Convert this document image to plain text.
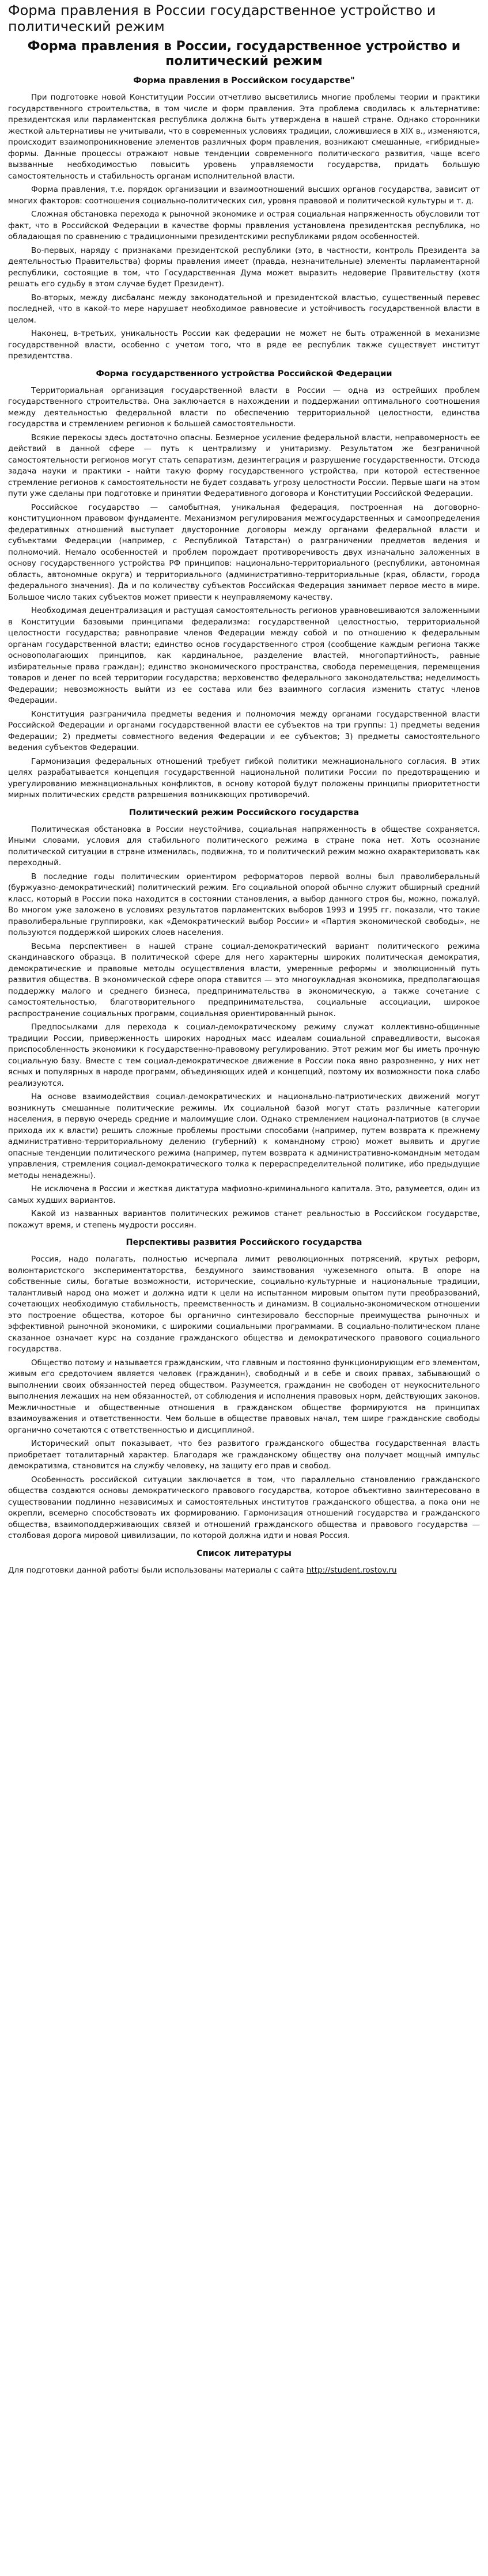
Форма правления в России государственное устройство и политический режим
Форма правления в России, государственное устройство и политический режим
Форма правления в Российском государстве"

При подготовке новой Конституции России отчетливо высветились многие проблемы теории и практики государственного строительства, в том числе и форм правления. Эта проблема сводилась к альтернативе: президентская или парламентская республика должна быть утверждена в нашей стране. Однако сторонники жесткой альтернативы не учитывали, что в современных условиях традиции, сложившиеся в XIX в., изменяются, происходит взаимопроникновение элементов различных форм правления, возникают смешанные, «гибридные» формы. Данные процессы отражают новые тенденции современного политического развития, чаще всего вызванные необходимостью повысить уровень управляемости государства, придать большую самостоятельность и стабильность органам исполнительной власти.

Форма правления, т.е. порядок организации и взаимоотношений высших органов государства, зависит от многих факторов: соотношения социально-политических сил, уровня правовой и политической культуры и т. д.

Сложная обстановка перехода к рыночной экономике и острая социальная напряженность обусловили тот факт, что в Российской Федерации в качестве формы правления установлена президентская республика, но обладающая по сравнению с традиционными президентскими республиками рядом особенностей.

Во-первых, наряду с признаками президентской республики (это, в частности, контроль Президента за деятельностью Правительства) формы правления имеет (правда, незначительные) элементы парламентарной республики, состоящие в том, что Государственная Дума может выразить недоверие Правительству (хотя решать его судьбу в этом случае будет Президент).

Во-вторых, между дисбаланс между законодательной и президентской властью, существенный перевес последней, что в какой-то мере нарушает необходимое равновесие и устойчивость государственной власти в целом.

Наконец, в-третьих, уникальность России как федерации не может не быть отраженной в механизме государственной власти, особенно с учетом того, что в ряде ее республик также существует институт президентства.

Форма государственного устройства Российской Федерации

Территориальная организация государственной власти в России — одна из острейших проблем государственного строительства. Она заключается в нахождении и поддержании оптимального соотношения между деятельностью федеральной власти по обеспечению территориальной целостности, единства государства и стремлением регионов к большей самостоятельности.

Всякие перекосы здесь достаточно опасны. Безмерное усиление федеральной власти, неправомерность ее действий в данной сфере — путь к централизму и унитаризму. Результатом же безграничной самостоятельности регионов могут стать сепаратизм, дезинтеграция и разрушение государственности. Отсюда задача науки и практики - найти такую форму государственного устройства, при которой естественное стремление регионов к самостоятельности не будет создавать угрозу целостности России. Первые шаги на этом пути уже сделаны при подготовке и принятии Федеративного договора и Конституции Российской Федерации.

Российское государство — самобытная, уникальная федерация, построенная на договорно-конституционном правовом фундаменте. Механизмом регулирования межгосударственных и самоопределения федеративных отношений выступает двусторонние договоры между органами федеральной власти и субъектами Федерации (например, с Республикой Татарстан) о разграничении предметов ведения и полномочий. Немало особенностей и проблем порождает противоречивость двух изначально заложенных в основу государственного устройства РФ принципов: национально-территориального (республики, автономная область, автономные округа) и территориального (административно-территориальные (края, области, города федерального значения). Да и по количеству субъектов Российская Федерация занимает первое место в мире. Большое число таких субъектов может привести к неуправляемому качеству.

Необходимая децентрализация и растущая самостоятельность регионов уравновешиваются заложенными в Конституции базовыми принципами федерализма: государственной целостностью, территориальной целостности государства; равноправие членов Федерации между собой и по отношению к федеральным органам государственной власти; единство основ государственного строя (сообщение каждым региона также основополагающих принципов, как кардинальное, разделение властей, многопартийность, равные избирательные права граждан); единство экономического пространства, свобода перемещения, перемещения товаров и денег по всей территории государства; верховенство федерального законодательства; неделимость Федерации; невозможность выйти из ее состава или без взаимного согласия изменить статус членов Федерации.

Конституция разграничила предметы ведения и полномочия между органами государственной власти Российской Федерации и органами государственной власти ее субъектов на три группы: 1) предметы ведения Федерации; 2) предметы совместного ведения Федерации и ее субъектов; 3) предметы самостоятельного ведения субъектов Федерации.

Гармонизация федеральных отношений требует гибкой политики межнационального согласия. В этих целях разрабатывается концепция государственной национальной политики России по предотвращению и урегулированию межнациональных конфликтов, в основу которой будут положены принципы приоритетности мирных политических средств разрешения возникающих противоречий.

Политический режим Российского государства

Политическая обстановка в России неустойчива, социальная напряженность в обществе сохраняется. Иными словами, условия для стабильного политического режима в стране пока нет. Хоть осознание политической ситуации в стране изменилась, подвижна, то и политический режим можно охарактеризовать как переходный.

В последние годы политическим ориентиром реформаторов первой волны был праволиберальный (буржуазно-демократический) политический режим. Его социальной опорой обычно служит обширный средний класс, который в России пока находится в состоянии становления, а выбор данного строя бы, можно, пожалуй. Во многом уже заложено в условиях результатов парламентских выборов 1993 и 1995 гг. показали, что такие праволиберальные группировки, как «Демократический выбор России» и «Партия экономической свободы», не пользуются поддержкой широких слоев населения.

Весьма перспективен в нашей стране социал-демократический вариант политического режима скандинавского образца. В политической сфере для него характерны широких политическая демократия, демократические и правовые методы осуществления власти, умеренные реформы и эволюционный путь развития общества. В экономической сфере опора ставится — это многоукладная экономика, предполагающая поддержку малого и среднего бизнеса, предпринимательства в экономическую, а также сочетание с самостоятельностью, благотворительного предпринимательства, социальные ассоциации, широкое распространение социальных программ, социальная ориентированный рынок.

Предпосылками для перехода к социал-демократическому режиму служат коллективно-общинные традиции России, приверженность широких народных масс идеалам социальной справедливости, высокая приспособленность экономики к государственно-правовому регулированию. Этот режим мог бы иметь прочную социальную базу. Вместе с тем социал-демократическое движение в России пока явно разрозненно, у них нет ясных и популярных в народе программ, объединяющих идей и концепций, поэтому их возможности пока слабо реализуются.

На основе взаимодействия социал-демократических и национально-патриотических движений могут возникнуть смешанные политические режимы. Их социальной базой могут стать различные категории населения, в первую очередь средние и малоимущие слои. Однако стремлением национал-патриотов (в случае прихода их к власти) решить сложные проблемы простыми способами (например, путем возврата к прежнему административно-территориальному делению (губерний) к командному строю) может выявить и другие опасные тенденции политического режима (например, путем возврата к административно-командным методам управления, стремления социал-демократического толка к перераспределительной политике, ибо предыдущие методы ненадежны).

Не исключена в России и жесткая диктатура мафиозно-криминального капитала. Это, разумеется, один из самых худших вариантов.

Какой из названных вариантов политических режимов станет реальностью в Российском государстве, покажут время, и степень мудрости россиян.

Перспективы развития Российского государства

Россия, надо полагать, полностью исчерпала лимит революционных потрясений, крутых реформ, волюнтаристского экспериментаторства, бездумного заимствования чужеземного опыта. В опоре на собственные силы, богатые возможности, исторические, социально-культурные и национальные традиции, талантливый народ она может и должна идти к цели на испытанном мировым опытом пути преобразований, сочетающих необходимую стабильность, преемственность и динамизм. В социально-экономическом отношении это построение общества, которое бы органично синтезировало бесспорные преимущества рыночных и эффективной рыночной экономики, с широкими социальными программами. В социально-политическом плане сказанное означает курс на создание гражданского общества и демократического правового социального государства.

Общество потому и называется гражданским, что главным и постоянно функционирующим его элементом, живым его средоточием является человек (гражданин), свободный и в себе и своих правах, забывающий о выполнении своих обязанностей перед обществом. Разумеется, гражданин не свободен от неукоснительного выполнения лежащих на нем обязанностей, от соблюдения и исполнения правовых норм, действующих законов. Межличностные и общественные отношения в гражданском обществе формируются на принципах взаимоуважения и ответственности. Чем больше в обществе правовых начал, тем шире гражданские свободы органично сочетаются с ответственностью и дисциплиной.

Исторический опыт показывает, что без развитого гражданского общества государственная власть приобретает тоталитарный характер. Благодаря же гражданскому обществу она получает мощный импульс демократизма, становится на службу человеку, на защиту его прав и свобод.

Особенность российской ситуации заключается в том, что параллельно становлению гражданского общества создаются основы демократического правового государства, которое объективно заинтересовано в существовании подлинно независимых и самостоятельных институтов гражданского общества, а пока они не окрепли, всемерно способствовать их формированию. Гармонизация отношений государства и гражданского общества, взаимоподдерживающих связей и отношений гражданского общества и правового государства — столбовая дорога мировой цивилизации, по которой должна идти и новая Россия.

Список литературы

Для подготовки данной работы были использованы материалы с сайта http://student.rostov.ru
